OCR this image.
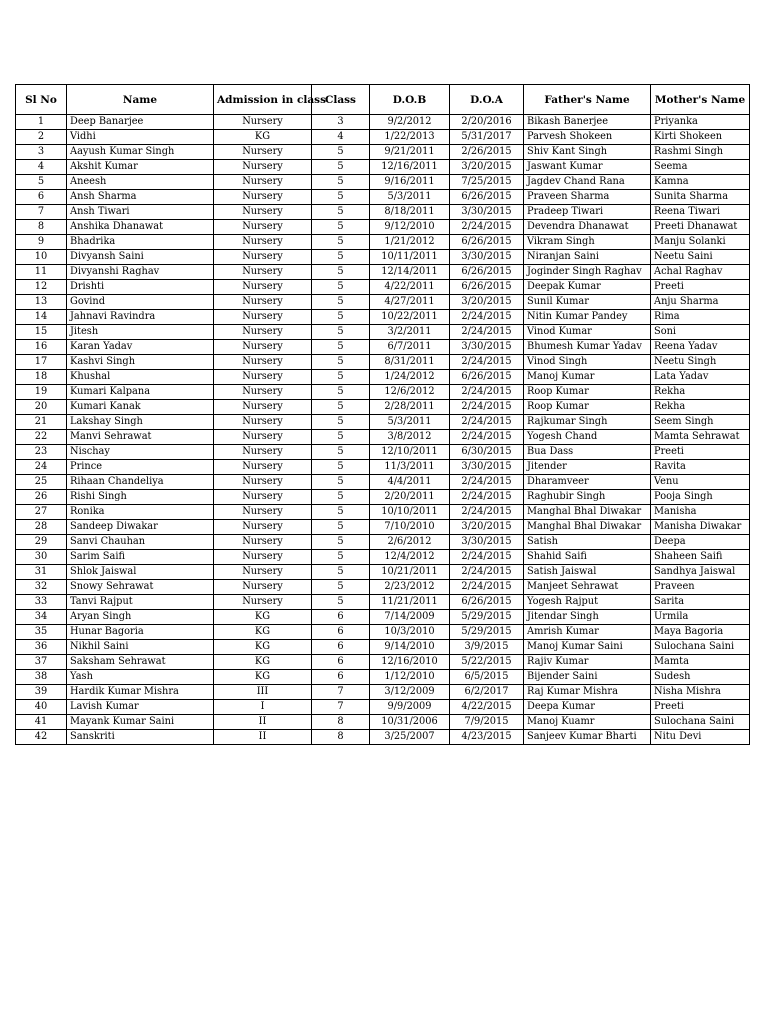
Sl No	Name	Admission in class	Class	D.O.B	D.O.A	Father's Name	Mother's Name
1	Deep Banarjee	Nursery	3	9/2/2012	2/20/2016	Bikash Banerjee	Priyanka
2	Vidhi	KG	4	1/22/2013	5/31/2017	Parvesh Shokeen	Kirti Shokeen
3	Aayush Kumar Singh	Nursery	5	9/21/2011	2/26/2015	Shiv Kant Singh	Rashmi Singh
4	Akshit Kumar	Nursery	5	12/16/2011	3/20/2015	Jaswant Kumar	Seema
5	Aneesh	Nursery	5	9/16/2011	7/25/2015	Jagdev Chand Rana	Kamna
6	Ansh Sharma	Nursery	5	5/3/2011	6/26/2015	Praveen Sharma	Sunita Sharma
7	Ansh Tiwari	Nursery	5	8/18/2011	3/30/2015	Pradeep Tiwari	Reena Tiwari
8	Anshika Dhanawat	Nursery	5	9/12/2010	2/24/2015	Devendra Dhanawat	Preeti Dhanawat
9	Bhadrika	Nursery	5	1/21/2012	6/26/2015	Vikram Singh	Manju Solanki
10	Divyansh Saini	Nursery	5	10/11/2011	3/30/2015	Niranjan Saini	Neetu Saini
11	Divyanshi Raghav	Nursery	5	12/14/2011	6/26/2015	Joginder Singh Raghav	Achal Raghav
12	Drishti	Nursery	5	4/22/2011	6/26/2015	Deepak Kumar	Preeti
13	Govind	Nursery	5	4/27/2011	3/20/2015	Sunil Kumar	Anju Sharma
14	Jahnavi Ravindra	Nursery	5	10/22/2011	2/24/2015	Nitin Kumar Pandey	Rima
15	Jitesh	Nursery	5	3/2/2011	2/24/2015	Vinod Kumar	Soni
16	Karan Yadav	Nursery	5	6/7/2011	3/30/2015	Bhumesh Kumar Yadav	Reena Yadav
17	Kashvi Singh	Nursery	5	8/31/2011	2/24/2015	Vinod Singh	Neetu Singh
18	Khushal	Nursery	5	1/24/2012	6/26/2015	Manoj Kumar	Lata Yadav
19	Kumari Kalpana	Nursery	5	12/6/2012	2/24/2015	Roop Kumar	Rekha
20	Kumari Kanak	Nursery	5	2/28/2011	2/24/2015	Roop Kumar	Rekha
21	Lakshay Singh	Nursery	5	5/3/2011	2/24/2015	Rajkumar Singh	Seem Singh
22	Manvi Sehrawat	Nursery	5	3/8/2012	2/24/2015	Yogesh Chand	Mamta Sehrawat
23	Nischay	Nursery	5	12/10/2011	6/30/2015	Bua Dass	Preeti
24	Prince	Nursery	5	11/3/2011	3/30/2015	Jitender	Ravita
25	Rihaan Chandeliya	Nursery	5	4/4/2011	2/24/2015	Dharamveer	Venu
26	Rishi Singh	Nursery	5	2/20/2011	2/24/2015	Raghubir Singh	Pooja Singh
27	Ronika	Nursery	5	10/10/2011	2/24/2015	Manghal Bhal Diwakar	Manisha
28	Sandeep Diwakar	Nursery	5	7/10/2010	3/20/2015	Manghal Bhal Diwakar	Manisha Diwakar
29	Sanvi Chauhan	Nursery	5	2/6/2012	3/30/2015	Satish	Deepa
30	Sarim Saifi	Nursery	5	12/4/2012	2/24/2015	Shahid Saifi	Shaheen Saifi
31	Shlok Jaiswal	Nursery	5	10/21/2011	2/24/2015	Satish Jaiswal	Sandhya Jaiswal
32	Snowy Sehrawat	Nursery	5	2/23/2012	2/24/2015	Manjeet Sehrawat	Praveen
33	Tanvi Rajput	Nursery	5	11/21/2011	6/26/2015	Yogesh Rajput	Sarita
34	Aryan Singh	KG	6	7/14/2009	5/29/2015	Jitendar Singh	Urmila
35	Hunar Bagoria	KG	6	10/3/2010	5/29/2015	Amrish Kumar	Maya Bagoria
36	Nikhil Saini	KG	6	9/14/2010	3/9/2015	Manoj Kumar Saini	Sulochana Saini
37	Saksham Sehrawat	KG	6	12/16/2010	5/22/2015	Rajiv Kumar	Mamta
38	Yash	KG	6	1/12/2010	6/5/2015	Bijender Saini	Sudesh
39	Hardik Kumar Mishra	III	7	3/12/2009	6/2/2017	Raj Kumar Mishra	Nisha Mishra
40	Lavish Kumar	I	7	9/9/2009	4/22/2015	Deepa Kumar	Preeti
41	Mayank Kumar Saini	II	8	10/31/2006	7/9/2015	Manoj Kuamr	Sulochana Saini
42	Sanskriti	II	8	3/25/2007	4/23/2015	Sanjeev Kumar Bharti	Nitu Devi
